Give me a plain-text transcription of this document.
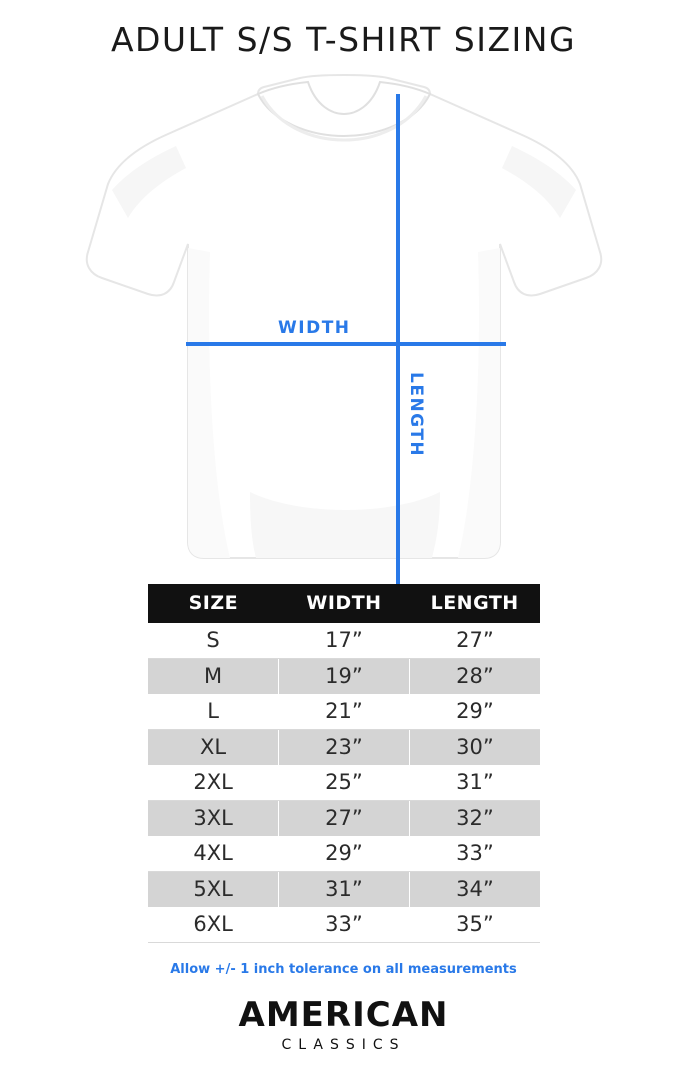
ADULT S/S T-SHIRT SIZING
WIDTH
LENGTH
SIZE	WIDTH	LENGTH
S	17”	27”
M	19”	28”
L	21”	29”
XL	23”	30”
2XL	25”	31”
3XL	27”	32”
4XL	29”	33”
5XL	31”	34”
6XL	33”	35”
Allow +/- 1 inch tolerance on all measurements
AMERICAN
CLASSICS
